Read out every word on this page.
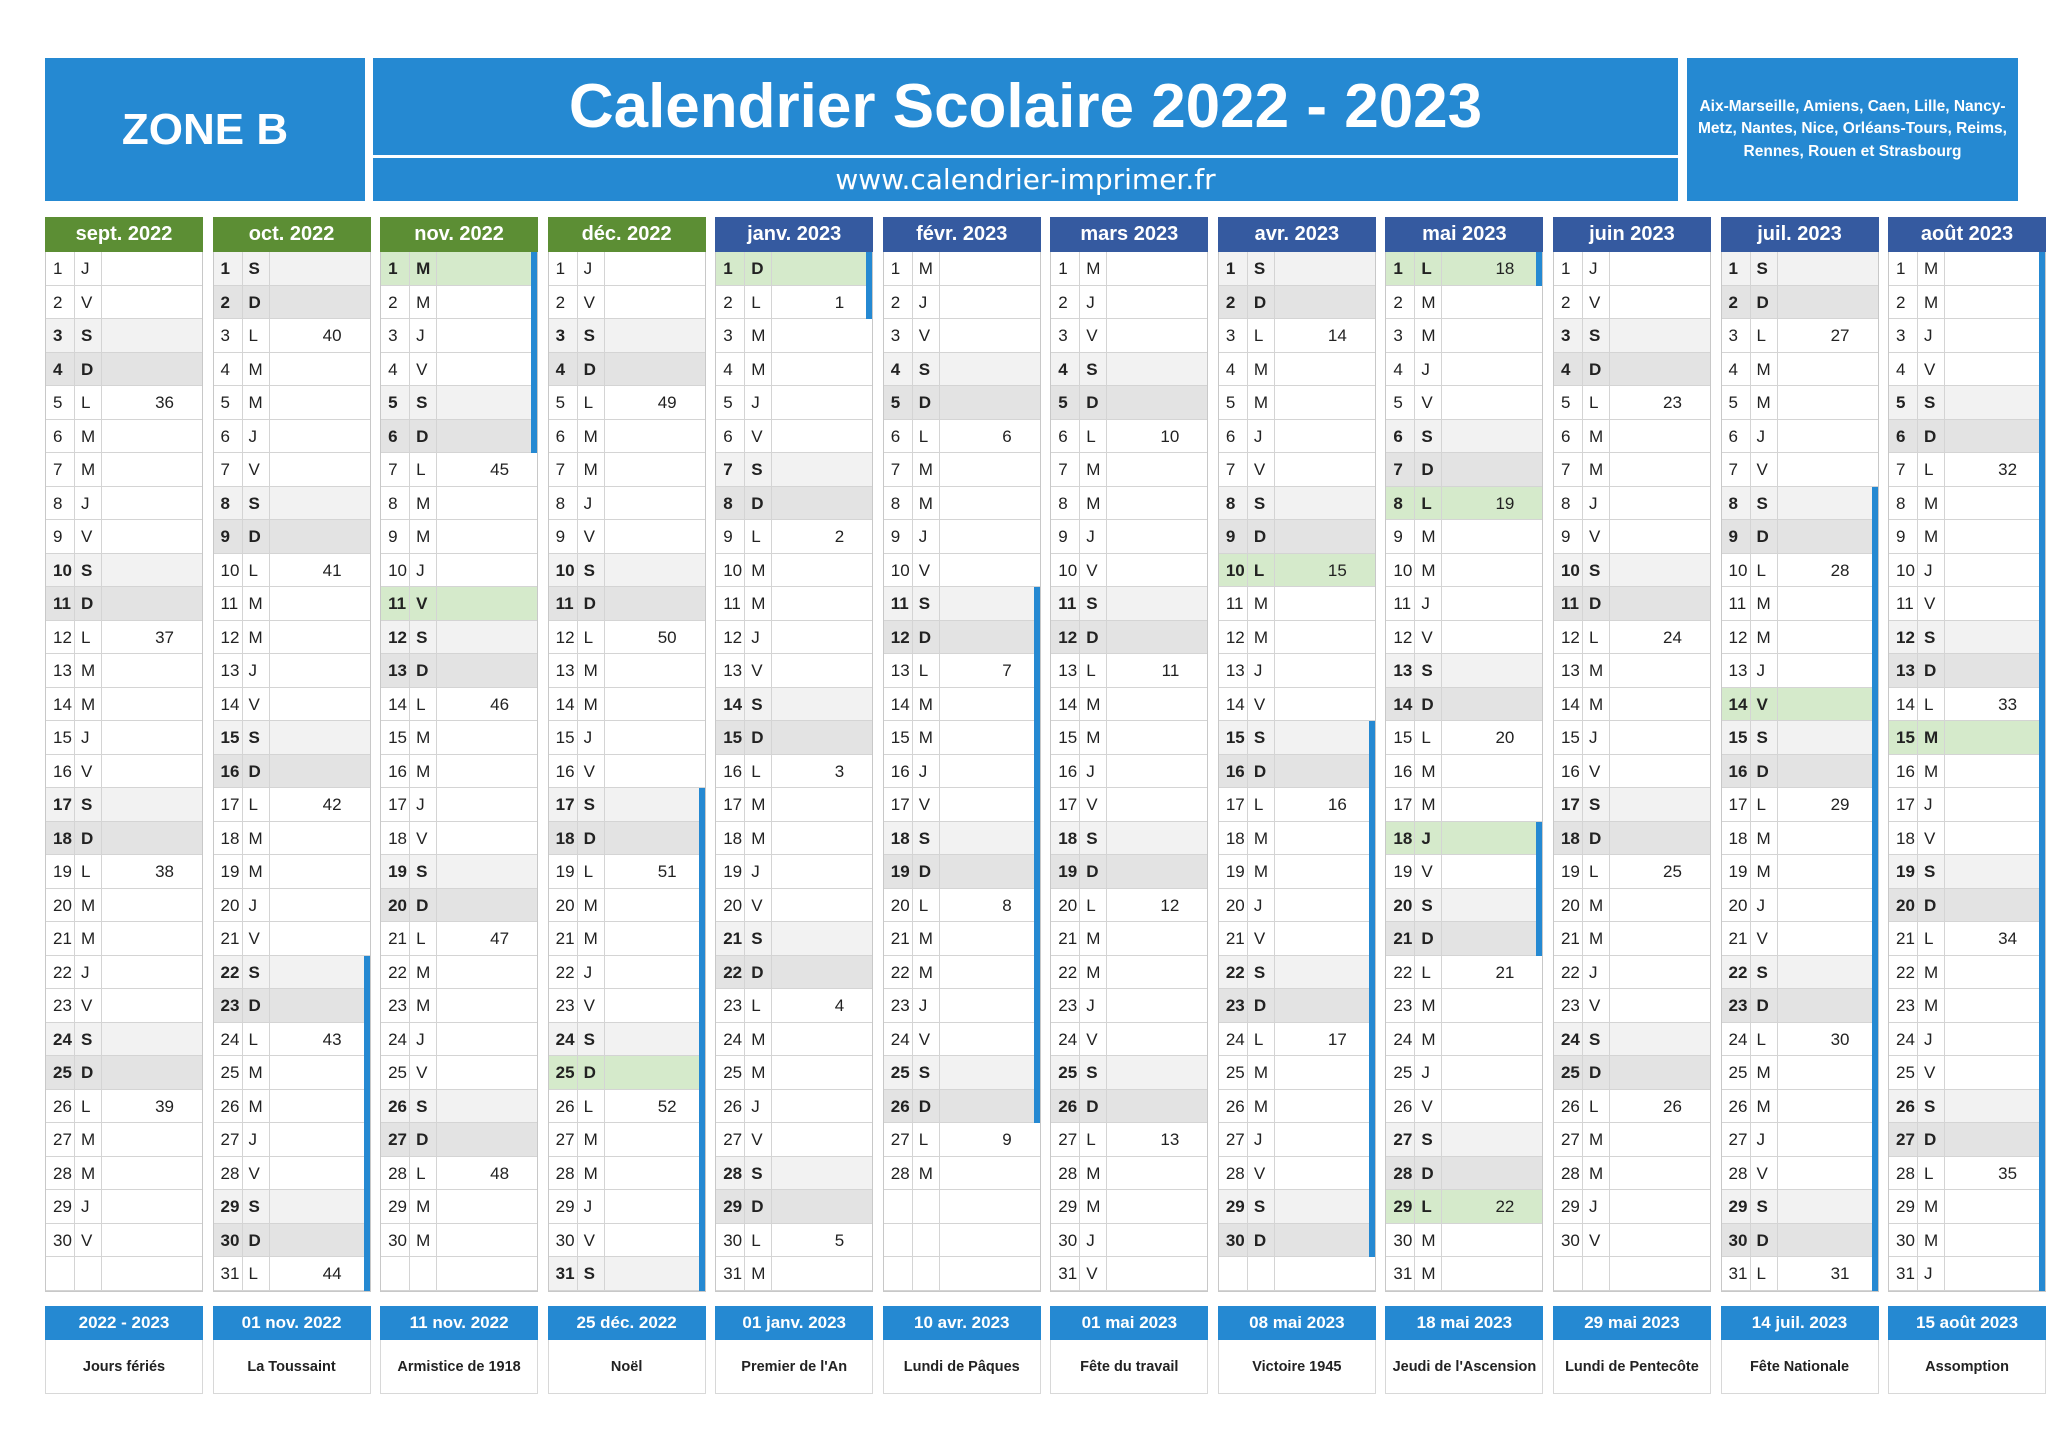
ZONE B	Calendrier Scolaire 2022 - 2023
www.calendrier-imprimer.fr
Aix-Marseille, Amiens, Caen, Lille, Nancy-Metz, Nantes, Nice, Orléans-Tours, Reims, Rennes, Rouen et Strasbourg
sept. 2022
1 J
2 V
3 S
4 D
5 L	36
6 M
7 M
8 J
9 V
10 S
11 D
12 L	37
13 M
14 M
15 J
16 V
17 S
18 D
19 L	38
20 M
21 M
22 J
23 V
24 S
25 D
26 L	39
27 M
28 M
29 J
30 V
oct. 2022
1 S
2 D
3 L	40
4 M
5 M
6 J
7 V
8 S
9 D
10 L	41
11 M
12 M
13 J
14 V
15 S
16 D
17 L	42
18 M
19 M
20 J
21 V
22 S
23 D
24 L	43
25 M
26 M
27 J
28 V
29 S
30 D
31 L	44
nov. 2022
1 M
2 M
3 J
4 V
5 S
6 D
7 L	45
8 M
9 M
10 J
11 V
12 S
13 D
14 L	46
15 M
16 M
17 J
18 V
19 S
20 D
21 L	47
22 M
23 M
24 J
25 V
26 S
27 D
28 L	48
29 M
30 M
déc. 2022
1 J
2 V
3 S
4 D
5 L	49
6 M
7 M
8 J
9 V
10 S
11 D
12 L	50
13 M
14 M
15 J
16 V
17 S
18 D
19 L	51
20 M
21 M
22 J
23 V
24 S
25 D
26 L	52
27 M
28 M
29 J
30 V
31 S
janv. 2023
1 D
2 L	1
3 M
4 M
5 J
6 V
7 S
8 D
9 L	2
10 M
11 M
12 J
13 V
14 S
15 D
16 L	3
17 M
18 M
19 J
20 V
21 S
22 D
23 L	4
24 M
25 M
26 J
27 V
28 S
29 D
30 L	5
31 M
févr. 2023
1 M
2 J
3 V
4 S
5 D
6 L	6
7 M
8 M
9 J
10 V
11 S
12 D
13 L	7
14 M
15 M
16 J
17 V
18 S
19 D
20 L	8
21 M
22 M
23 J
24 V
25 S
26 D
27 L	9
28 M
mars 2023
1 M
2 J
3 V
4 S
5 D
6 L	10
7 M
8 M
9 J
10 V
11 S
12 D
13 L	11
14 M
15 M
16 J
17 V
18 S
19 D
20 L	12
21 M
22 M
23 J
24 V
25 S
26 D
27 L	13
28 M
29 M
30 J
31 V
avr. 2023
1 S
2 D
3 L	14
4 M
5 M
6 J
7 V
8 S
9 D
10 L	15
11 M
12 M
13 J
14 V
15 S
16 D
17 L	16
18 M
19 M
20 J
21 V
22 S
23 D
24 L	17
25 M
26 M
27 J
28 V
29 S
30 D
mai 2023
1 L	18
2 M
3 M
4 J
5 V
6 S
7 D
8 L	19
9 M
10 M
11 J
12 V
13 S
14 D
15 L	20
16 M
17 M
18 J
19 V
20 S
21 D
22 L	21
23 M
24 M
25 J
26 V
27 S
28 D
29 L	22
30 M
31 M
juin 2023
1 J
2 V
3 S
4 D
5 L	23
6 M
7 M
8 J
9 V
10 S
11 D
12 L	24
13 M
14 M
15 J
16 V
17 S
18 D
19 L	25
20 M
21 M
22 J
23 V
24 S
25 D
26 L	26
27 M
28 M
29 J
30 V
juil. 2023
1 S
2 D
3 L	27
4 M
5 M
6 J
7 V
8 S
9 D
10 L	28
11 M
12 M
13 J
14 V
15 S
16 D
17 L	29
18 M
19 M
20 J
21 V
22 S
23 D
24 L	30
25 M
26 M
27 J
28 V
29 S
30 D
31 L	31
août 2023
1 M
2 M
3 J
4 V
5 S
6 D
7 L	32
8 M
9 M
10 J
11 V
12 S
13 D
14 L	33
15 M
16 M
17 J
18 V
19 S
20 D
21 L	34
22 M
23 M
24 J
25 V
26 S
27 D
28 L	35
29 M
30 M
31 J
2022 - 2023
Jours fériés
01 nov. 2022
La Toussaint
11 nov. 2022
Armistice de 1918
25 déc. 2022
Noël
01 janv. 2023
Premier de l'An
10 avr. 2023
Lundi de Pâques
01 mai 2023
Fête du travail
08 mai 2023
Victoire 1945
18 mai 2023
Jeudi de l'Ascension
29 mai 2023
Lundi de Pentecôte
14 juil. 2023
Fête Nationale
15 août 2023
Assomption
